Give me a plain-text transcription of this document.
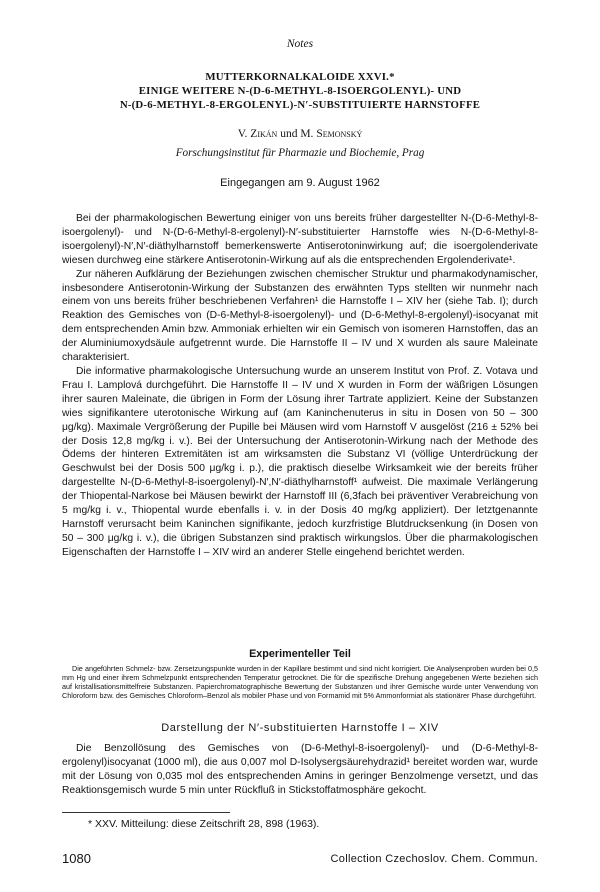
Notes
MUTTERKORNALKALOIDE XXVI.*
EINIGE WEITERE N-(D-6-METHYL-8-ISOERGOLENYL)- UND
N-(D-6-METHYL-8-ERGOLENYL)-N′-SUBSTITUIERTE HARNSTOFFE
V. Zikán und M. Semonský
Forschungsinstitut für Pharmazie und Biochemie, Prag
Eingegangen am 9. August 1962

Bei der pharmakologischen Bewertung einiger von uns bereits früher dargestellter N-(D-6-Methyl-8-isoergolenyl)- und N-(D-6-Methyl-8-ergolenyl)-N′-substituierter Harnstoffe wies N-(D-6-Methyl-8-isoergolenyl)-N′,N′-diäthylharnstoff bemerkenswerte Antiserotoninwirkung auf; die isoergolenderivate wiesen durchweg eine stärkere Antiserotonin-Wirkung auf als die entsprechenden Ergolenderivate¹.

Zur näheren Aufklärung der Beziehungen zwischen chemischer Struktur und pharmakodynamischer, insbesondere Antiserotonin-Wirkung der Substanzen des erwähnten Typs stellten wir nunmehr nach einem von uns bereits früher beschriebenen Verfahren¹ die Harnstoffe I – XIV her (siehe Tab. I); durch Reaktion des Gemisches von (D-6-Methyl-8-isoergolenyl)- und (D-6-Methyl-8-ergolenyl)-isocyanat mit dem entsprechenden Amin bzw. Ammoniak erhielten wir ein Gemisch von isomeren Harnstoffen, das an der Aluminiumoxydsäule aufgetrennt wurde. Die Harnstoffe II – IV und X wurden als saure Maleinate charakterisiert.

Die informative pharmakologische Untersuchung wurde an unserem Institut von Prof. Z. Votava und Frau I. Lamplová durchgeführt. Die Harnstoffe II – IV und X wurden in Form der wäßrigen Lösungen ihrer sauren Maleinate, die übrigen in Form der Lösung ihrer Tartrate appliziert. Keine der Substanzen wies signifikantere uterotonische Wirkung auf (am Kaninchenuterus in situ in Dosen von 50 – 300 μg/kg). Maximale Vergrößerung der Pupille bei Mäusen wird vom Harnstoff V ausgelöst (216 ± 52% bei der Dosis 12,8 mg/kg i. v.). Bei der Untersuchung der Antiserotonin-Wirkung nach der Methode des Ödems der hinteren Extremitäten ist am wirksamsten die Substanz VI (völlige Unterdrückung der Geschwulst bei der Dosis 500 μg/kg i. p.), die praktisch dieselbe Wirksamkeit wie der bereits früher dargestellte N-(D-6-Methyl-8-isoergolenyl)-N′,N′-diäthylharnstoff¹ aufweist. Die maximale Verlängerung der Thiopental-Narkose bei Mäusen bewirkt der Harnstoff III (6,3fach bei präventiver Verabreichung von 5 mg/kg i. v., Thiopental wurde ebenfalls i. v. in der Dosis 40 mg/kg appliziert). Der letztgenannte Harnstoff verursacht beim Kaninchen signifikante, jedoch kurzfristige Blutdrucksenkung (in Dosen von 50 – 300 μg/kg i. v.), die übrigen Substanzen sind praktisch wirkungslos. Über die pharmakologischen Eigenschaften der Harnstoffe I – XIV wird an anderer Stelle eingehend berichtet werden.

Experimenteller Teil

Die angeführten Schmelz- bzw. Zersetzungspunkte wurden in der Kapillare bestimmt und sind nicht korrigiert. Die Analysenproben wurden bei 0,5 mm Hg und einer ihrem Schmelzpunkt entsprechenden Temperatur getrocknet. Die für die spezifische Drehung angegebenen Werte beziehen sich auf kristallisationsmittelfreie Substanzen. Papierchromatographische Bewertung der Substanzen und ihrer Gemische wurde unter Verwendung von Chloroform bzw. des Gemisches Chloroform–Benzol als mobiler Phase und von Formamid mit 5% Ammonformiat als stationärer Phase durchgeführt.

Darstellung der N′-substituierten Harnstoffe I – XIV

Die Benzollösung des Gemisches von (D-6-Methyl-8-isoergolenyl)- und (D-6-Methyl-8-ergolenyl)isocyanat (1000 ml), die aus 0,007 mol D-Isolysergsäurehydrazid¹ bereitet worden war, wurde mit der Lösung von 0,035 mol des entsprechenden Amins in geringer Benzolmenge versetzt, und das Reaktionsgemisch wurde 5 min unter Rückfluß in Stickstoffatmosphäre gekocht.

* XXV. Mitteilung: diese Zeitschrift 28, 898 (1963).
1080	Collection Czechoslov. Chem. Commun.
